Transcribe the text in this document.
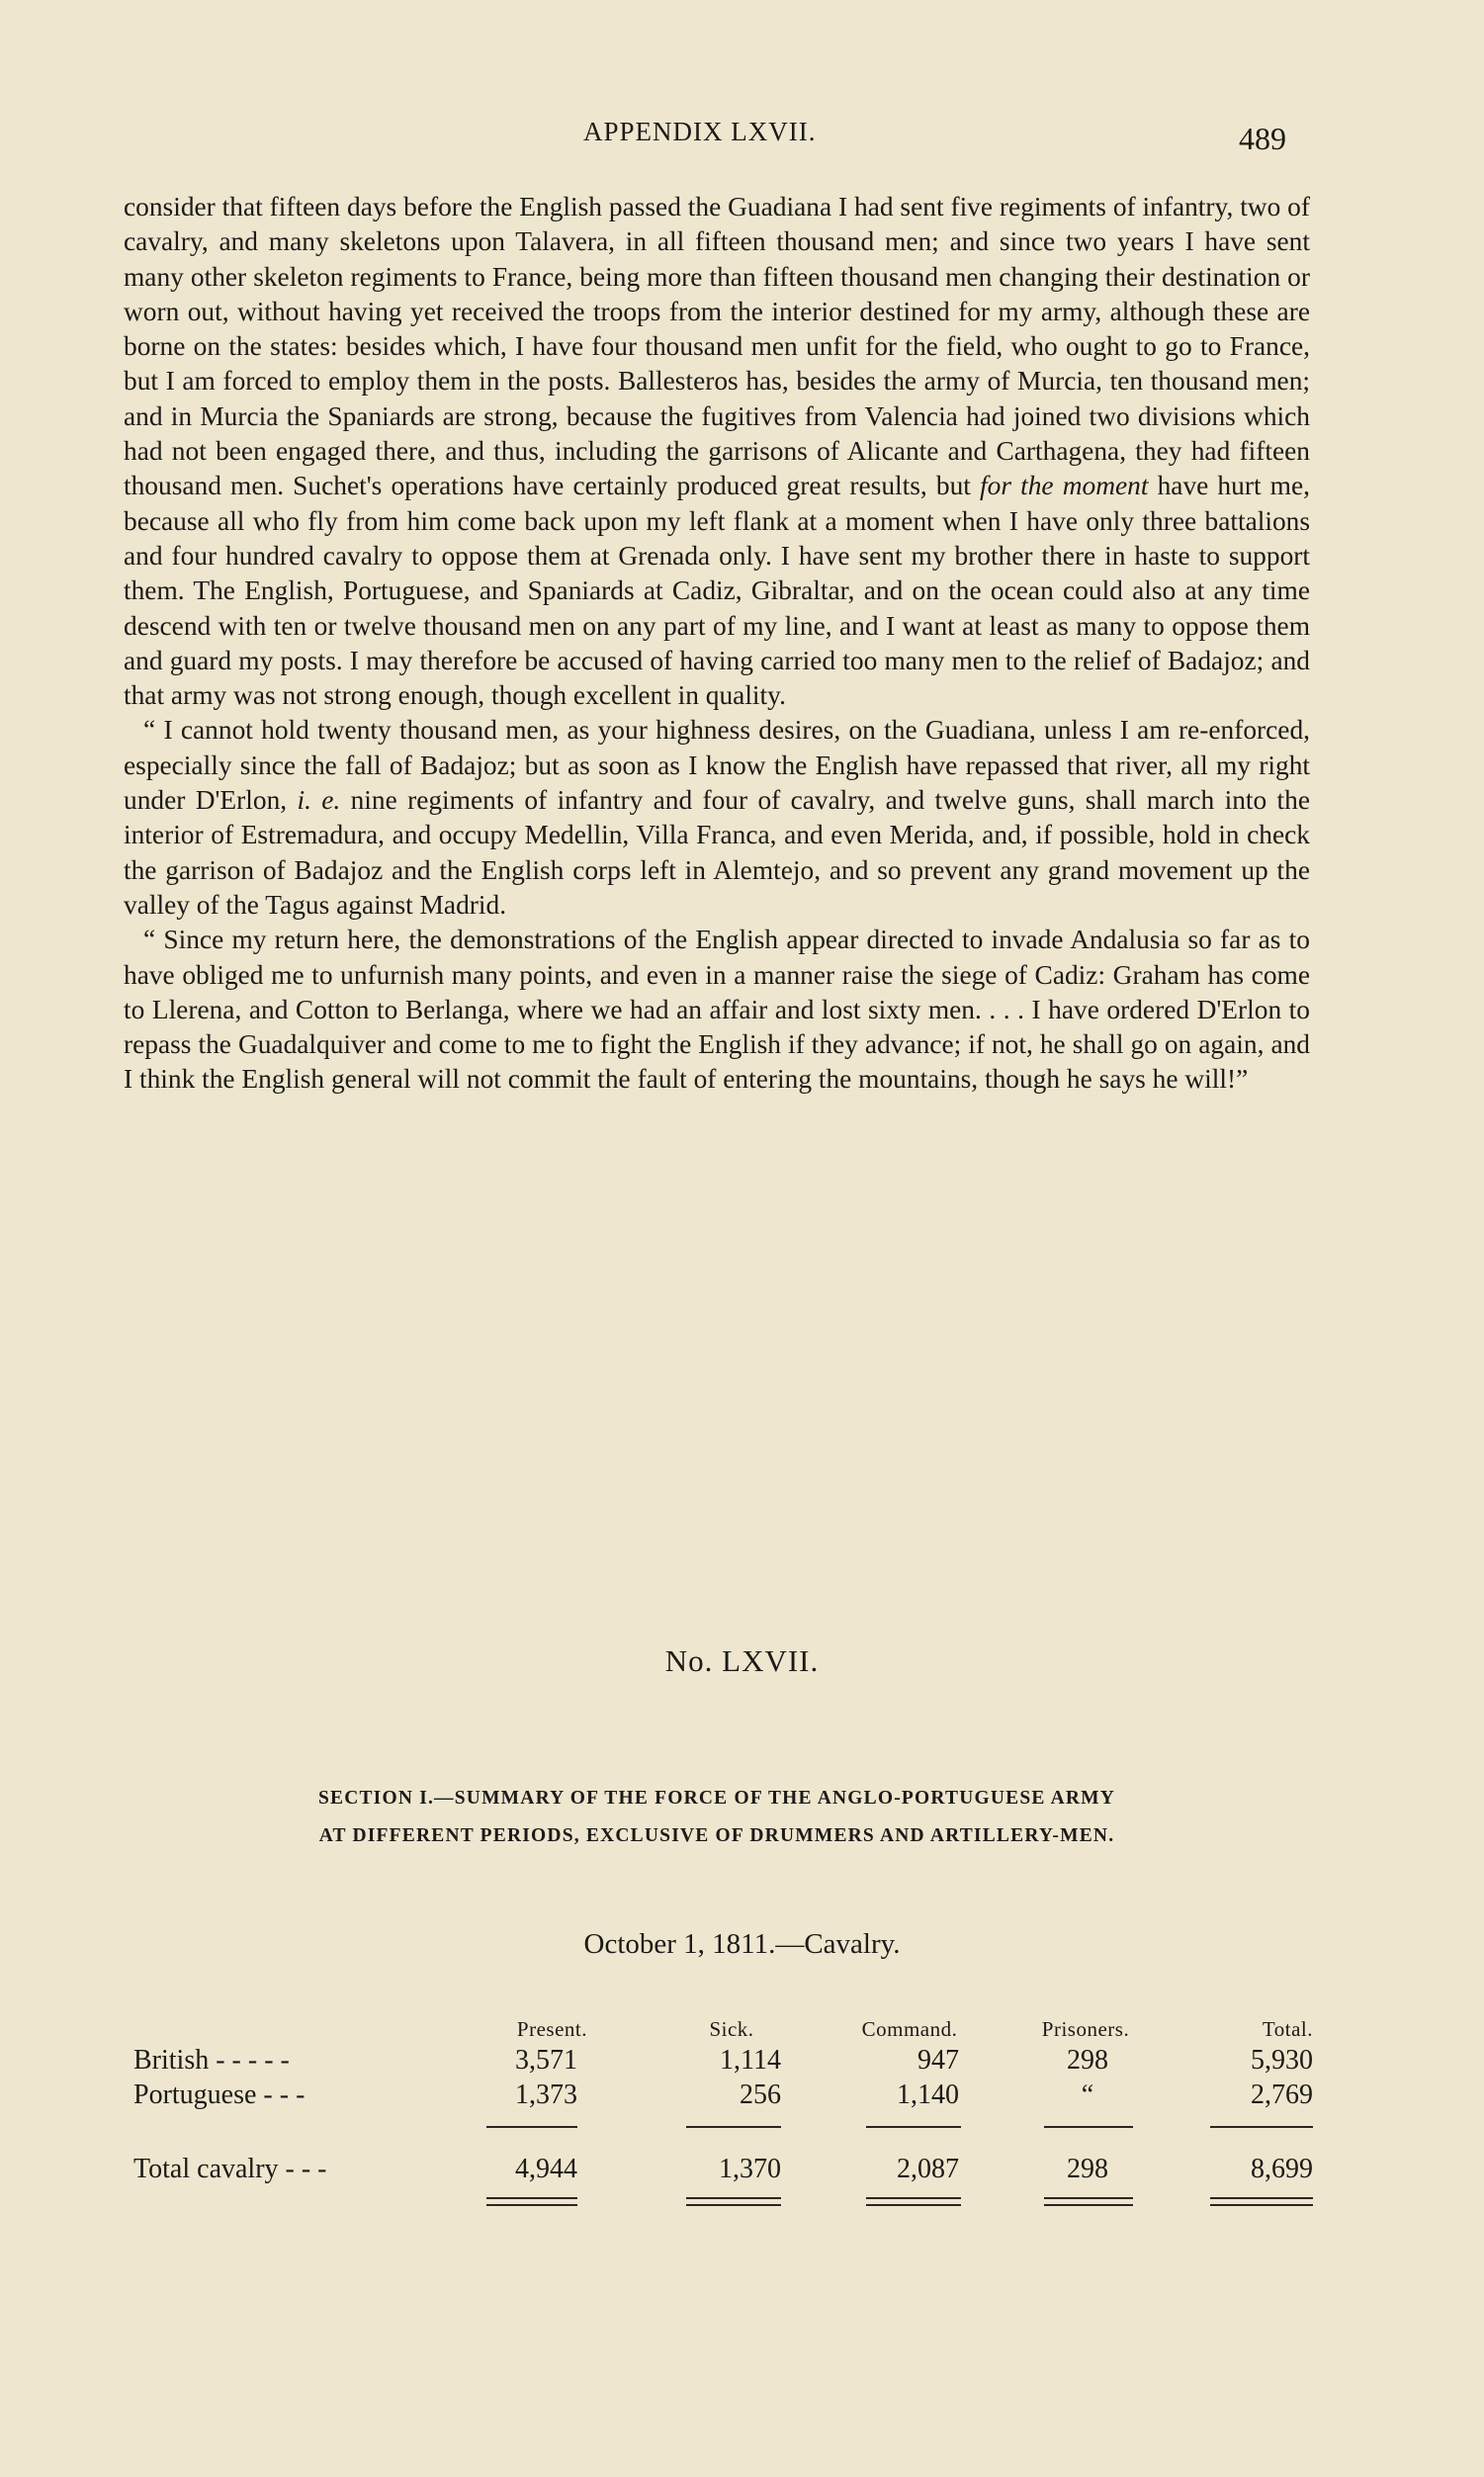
APPENDIX LXVII.	489

consider that fifteen days before the English passed the Guadiana I had sent five regiments of infantry, two of cavalry, and many skeletons upon Talavera, in all fifteen thousand men; and since two years I have sent many other skeleton regiments to France, being more than fifteen thousand men changing their destination or worn out, without having yet received the troops from the interior destined for my army, although these are borne on the states: besides which, I have four thousand men unfit for the field, who ought to go to France, but I am forced to employ them in the posts. Ballesteros has, besides the army of Murcia, ten thousand men; and in Murcia the Spaniards are strong, because the fugitives from Valencia had joined two divisions which had not been engaged there, and thus, including the garrisons of Alicante and Carthagena, they had fifteen thousand men. Suchet's operations have certainly produced great results, but for the moment have hurt me, because all who fly from him come back upon my left flank at a moment when I have only three battalions and four hundred cavalry to oppose them at Grenada only. I have sent my brother there in haste to support them. The English, Portuguese, and Spaniards at Cadiz, Gibraltar, and on the ocean could also at any time descend with ten or twelve thousand men on any part of my line, and I want at least as many to oppose them and guard my posts. I may therefore be accused of having carried too many men to the relief of Badajoz; and that army was not strong enough, though excellent in quality.

“ I cannot hold twenty thousand men, as your highness desires, on the Guadiana, unless I am re-enforced, especially since the fall of Badajoz; but as soon as I know the English have repassed that river, all my right under D'Erlon, i. e. nine regiments of infantry and four of cavalry, and twelve guns, shall march into the interior of Estremadura, and occupy Medellin, Villa Franca, and even Merida, and, if possible, hold in check the garrison of Badajoz and the English corps left in Alemtejo, and so prevent any grand movement up the valley of the Tagus against Madrid.

“ Since my return here, the demonstrations of the English appear directed to invade Andalusia so far as to have obliged me to unfurnish many points, and even in a manner raise the siege of Cadiz: Graham has come to Llerena, and Cotton to Berlanga, where we had an affair and lost sixty men. . . . I have ordered D'Erlon to repass the Guadalquiver and come to me to fight the English if they advance; if not, he shall go on again, and I think the English general will not commit the fault of entering the mountains, though he says he will!”

No. LXVII.
SECTION I.—SUMMARY OF THE FORCE OF THE ANGLO-PORTUGUESE ARMY
AT DIFFERENT PERIODS, EXCLUSIVE OF DRUMMERS AND ARTILLERY-MEN.
October 1, 1811.—Cavalry.
Present.	Sick.	Command.	Prisoners.	Total.
British - - - - -	3,571	1,114	947	298	5,930
Portuguese - - -	1,373	256	1,140	“	2,769
Total cavalry - - -	4,944	1,370	2,087	298	8,699
